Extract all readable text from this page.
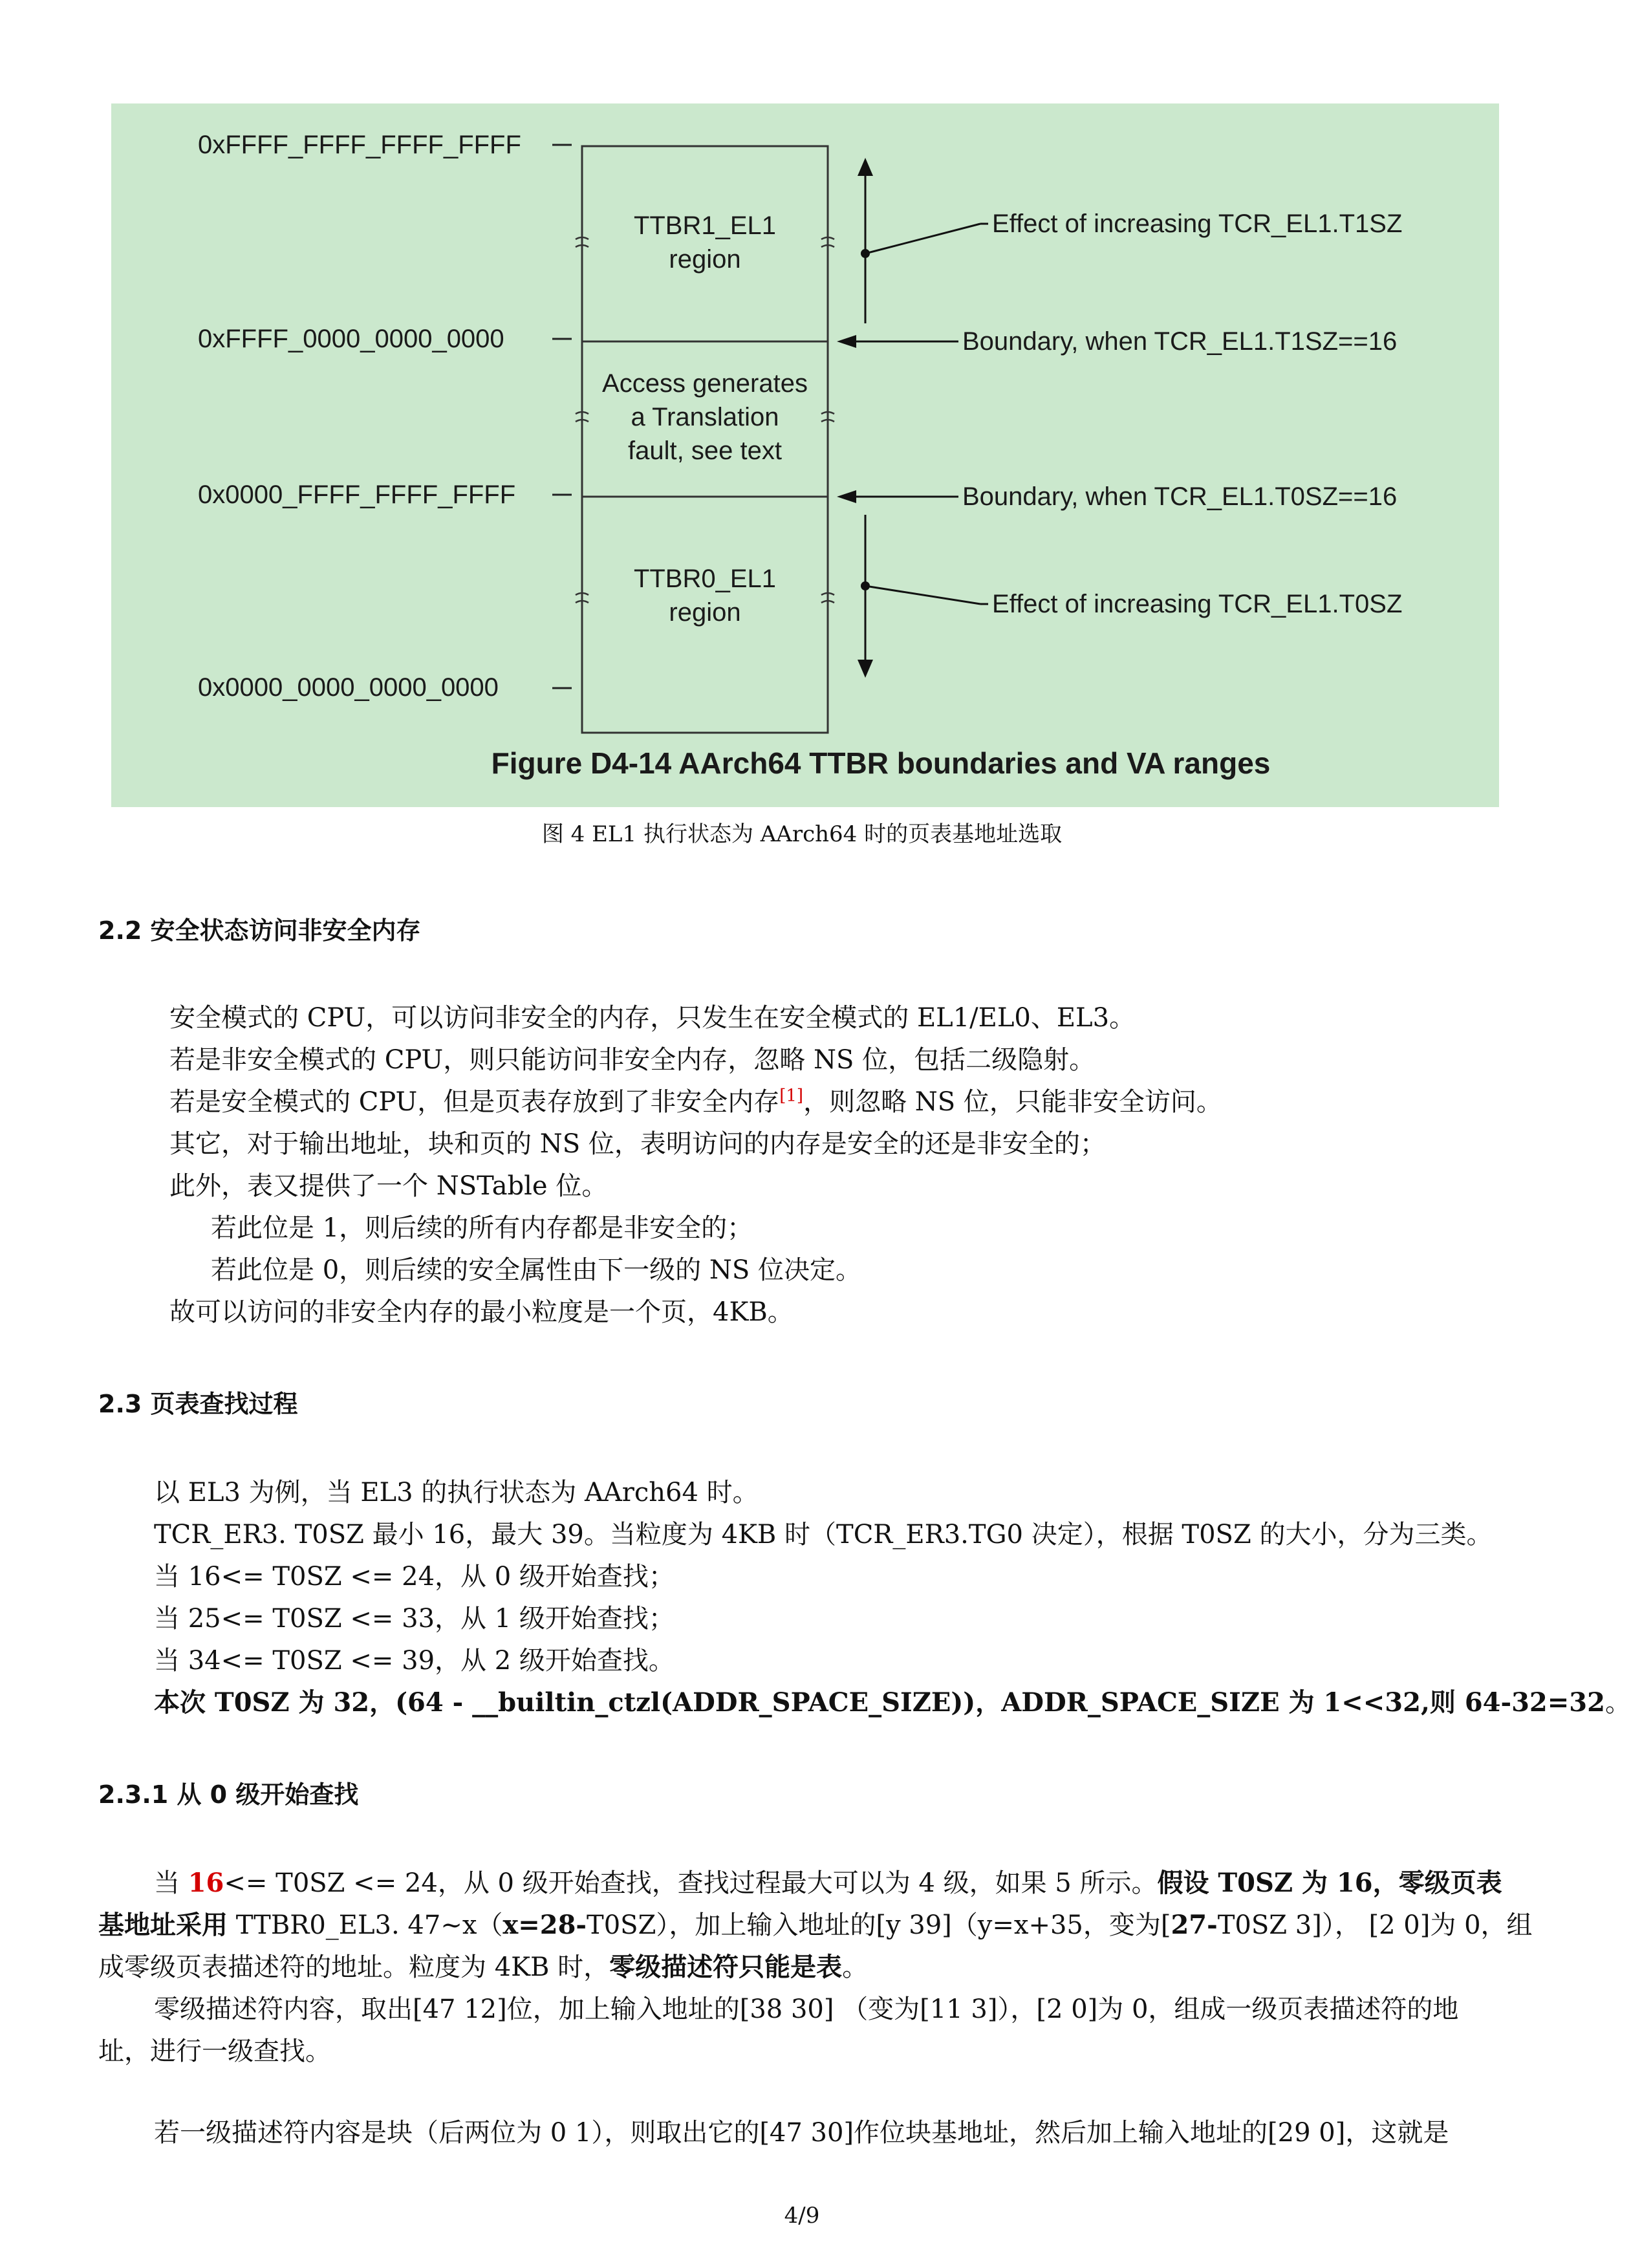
0xFFFF_FFFF_FFFF_FFFF
0xFFFF_0000_0000_0000
0x0000_FFFF_FFFF_FFFF
0x0000_0000_0000_0000
TTBR1_EL1
region
Access generates
a Translation
fault, see text
TTBR0_EL1
region
Effect of increasing TCR_EL1.T1SZ
Boundary, when TCR_EL1.T1SZ==16
Boundary, when TCR_EL1.T0SZ==16
Effect of increasing TCR_EL1.T0SZ
Figure D4-14 AArch64 TTBR boundaries and VA ranges
图 4 EL1 执行状态为 AArch64 时的页表基地址选取
2.2 安全状态访问非安全内存
安全模式的 CPU，可以访问非安全的内存，只发生在安全模式的 EL1/EL0、EL3。
若是非安全模式的 CPU，则只能访问非安全内存，忽略 NS 位，包括二级隐射。
若是安全模式的 CPU，但是页表存放到了非安全内存[1]，则忽略 NS 位，只能非安全访问。
其它，对于输出地址，块和页的 NS 位，表明访问的内存是安全的还是非安全的；
此外，表又提供了一个 NSTable 位。
若此位是 1，则后续的所有内存都是非安全的；
若此位是 0，则后续的安全属性由下一级的 NS 位决定。
故可以访问的非安全内存的最小粒度是一个页，4KB。
2.3 页表查找过程
以 EL3 为例，当 EL3 的执行状态为 AArch64 时。
TCR_ER3. T0SZ 最小 16，最大 39。当粒度为 4KB 时（TCR_ER3.TG0 决定），根据 T0SZ 的大小，分为三类。
当 16<= T0SZ <= 24，从 0 级开始查找；
当 25<= T0SZ <= 33，从 1 级开始查找；
当 34<= T0SZ <= 39，从 2 级开始查找。
本次 T0SZ 为 32，(64 - __builtin_ctzl(ADDR_SPACE_SIZE))，ADDR_SPACE_SIZE 为 1<<32,则 64-32=32。
2.3.1 从 0 级开始查找
当 16<= T0SZ <= 24，从 0 级开始查找，查找过程最大可以为 4 级，如果 5 所示。假设 T0SZ 为 16，零级页表
基地址采用 TTBR0_EL3. 47~x（x=28-T0SZ），加上输入地址的[y 39]（y=x+35，变为[27-T0SZ 3]）， [2 0]为 0，组
成零级页表描述符的地址。粒度为 4KB 时，零级描述符只能是表。
零级描述符内容，取出[47 12]位，加上输入地址的[38 30] （变为[11 3]），[2 0]为 0，组成一级页表描述符的地
址，进行一级查找。
若一级描述符内容是块（后两位为 0 1），则取出它的[47 30]作位块基地址，然后加上输入地址的[29 0]，这就是
4/9
